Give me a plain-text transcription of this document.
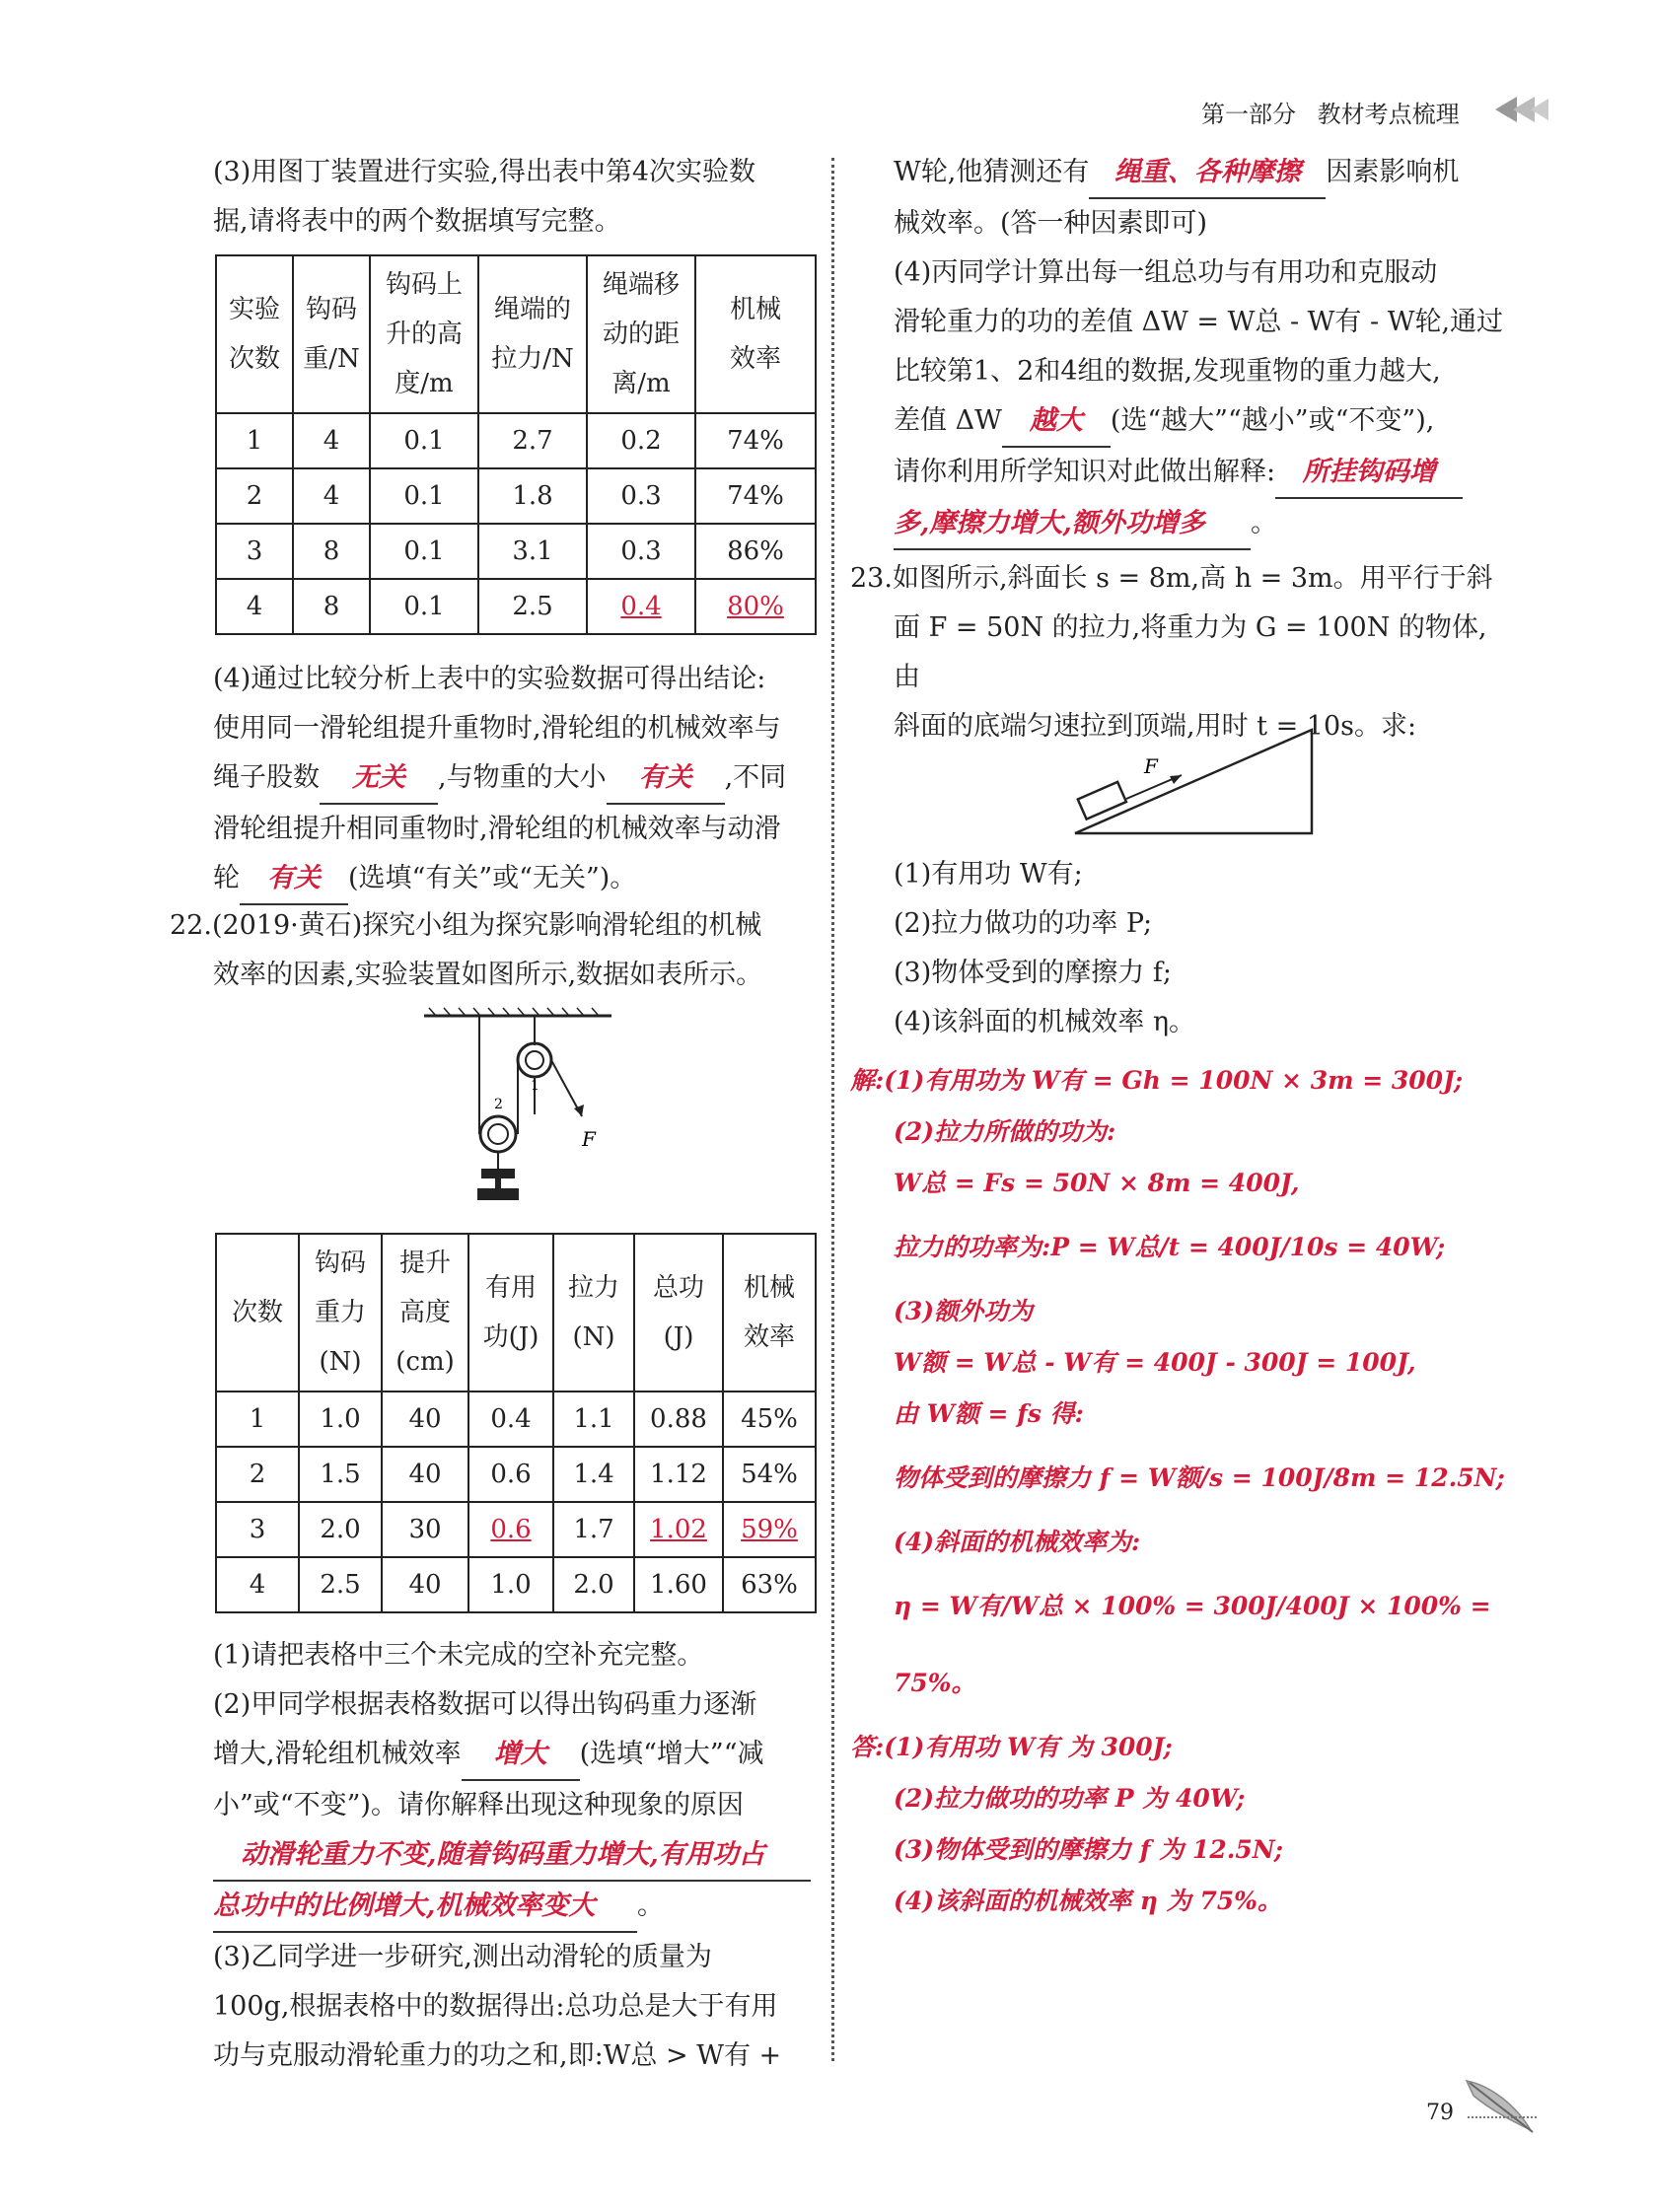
第一部分 教材考点梳理

(3)用图丁装置进行实验,得出表中第4次实验数

据,请将表中的两个数据填写完整。

实验
次数	钩码
重/N	钩码上
升的高
度/m	绳端的
拉力/N	绳端移
动的距
离/m	机械
效率
1	4	0.1	2.7	0.2	74%
2	4	0.1	1.8	0.3	74%
3	8	0.1	3.1	0.3	86%
4	8	0.1	2.5	0.4	80%

(4)通过比较分析上表中的实验数据可得出结论:

使用同一滑轮组提升重物时,滑轮组的机械效率与

绳子股数 无关 ,与物重的大小 有关 ,不同

滑轮组提升相同重物时,滑轮组的机械效率与动滑

轮 有关 (选填“有关”或“无关”)。

22.(2019·黄石)探究小组为探究影响滑轮组的机械

效率的因素,实验装置如图所示,数据如表所示。

F
1
2
次数	钩码
重力
(N)	提升
高度
(cm)	有用
功(J)	拉力
(N)	总功
(J)	机械
效率
1	1.0	40	0.4	1.1	0.88	45%
2	1.5	40	0.6	1.4	1.12	54%
3	2.0	30	0.6	1.7	1.02	59%
4	2.5	40	1.0	2.0	1.60	63%

(1)请把表格中三个未完成的空补充完整。

(2)甲同学根据表格数据可以得出钩码重力逐渐

增大,滑轮组机械效率 增大 (选填“增大”“减

小”或“不变”)。请你解释出现这种现象的原因

动滑轮重力不变,随着钩码重力增大,有用功占

总功中的比例增大,机械效率变大 。

(3)乙同学进一步研究,测出动滑轮的质量为

100g,根据表格中的数据得出:总功总是大于有用

功与克服动滑轮重力的功之和,即:W总 > W有 +

W轮,他猜测还有 绳重、各种摩擦 因素影响机

械效率。(答一种因素即可)

(4)丙同学计算出每一组总功与有用功和克服动

滑轮重力的功的差值 ΔW = W总 - W有 - W轮,通过

比较第1、2和4组的数据,发现重物的重力越大,

差值 ΔW 越大 (选“越大”“越小”或“不变”),

请你利用所学知识对此做出解释: 所挂钩码增

多,摩擦力增大,额外功增多 。

23.如图所示,斜面长 s = 8m,高 h = 3m。用平行于斜

面 F = 50N 的拉力,将重力为 G = 100N 的物体,由

斜面的底端匀速拉到顶端,用时 t = 10s。求:

F

(1)有用功 W有;

(2)拉力做功的功率 P;

(3)物体受到的摩擦力 f;

(4)该斜面的机械效率 η。

解:(1)有用功为 W有 = Gh = 100N × 3m = 300J;
(2)拉力所做的功为:
W总 = Fs = 50N × 8m = 400J,
拉力的功率为:P = W总/t = 400J/10s = 40W;
(3)额外功为
W额 = W总 - W有 = 400J - 300J = 100J,
由 W额 = fs 得:
物体受到的摩擦力 f = W额/s = 100J/8m = 12.5N;
(4)斜面的机械效率为:
η = W有/W总 × 100% = 300J/400J × 100% = 75%。
答:(1)有用功 W有 为 300J;
(2)拉力做功的功率 P 为 40W;
(3)物体受到的摩擦力 f 为 12.5N;
(4)该斜面的机械效率 η 为 75%。
79
